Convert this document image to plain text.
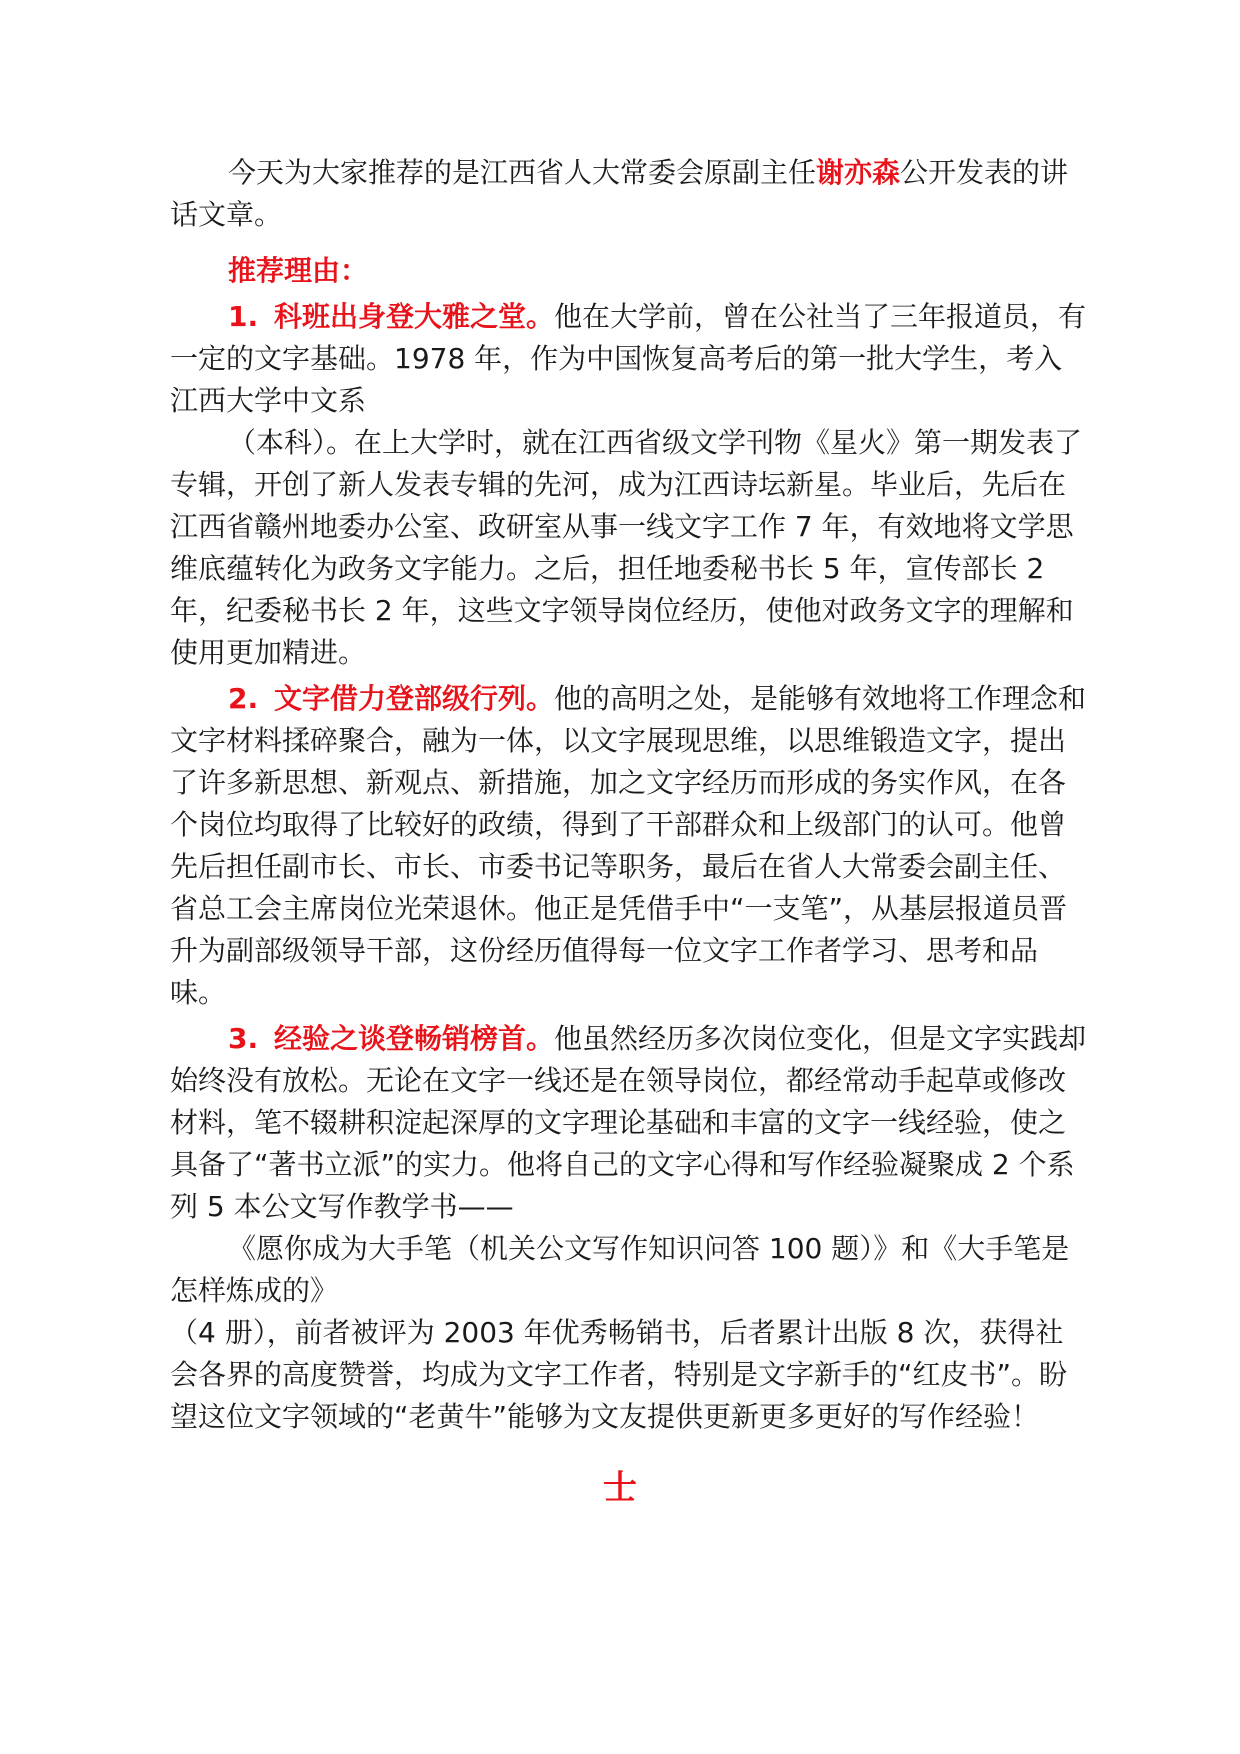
今天为大家推荐的是江西省人大常委会原副主任谢亦森公开发表的讲话文章。

推荐理由：

1. 科班出身登大雅之堂。他在大学前，曾在公社当了三年报道员，有一定的文字基础。1978 年，作为中国恢复高考后的第一批大学生，考入江西大学中文系

（本科）。在上大学时，就在江西省级文学刊物《星火》第一期发表了专辑，开创了新人发表专辑的先河，成为江西诗坛新星。毕业后，先后在江西省赣州地委办公室、政研室从事一线文字工作 7 年，有效地将文学思维底蕴转化为政务文字能力。之后，担任地委秘书长 5 年，宣传部长 2 年，纪委秘书长 2 年，这些文字领导岗位经历，使他对政务文字的理解和使用更加精进。

2. 文字借力登部级行列。他的高明之处，是能够有效地将工作理念和文字材料揉碎聚合，融为一体，以文字展现思维，以思维锻造文字，提出了许多新思想、新观点、新措施，加之文字经历而形成的务实作风，在各个岗位均取得了比较好的政绩，得到了干部群众和上级部门的认可。他曾先后担任副市长、市长、市委书记等职务，最后在省人大常委会副主任、省总工会主席岗位光荣退休。他正是凭借手中“一支笔”，从基层报道员晋升为副部级领导干部，这份经历值得每一位文字工作者学习、思考和品味。

3. 经验之谈登畅销榜首。他虽然经历多次岗位变化，但是文字实践却始终没有放松。无论在文字一线还是在领导岗位，都经常动手起草或修改材料，笔不辍耕积淀起深厚的文字理论基础和丰富的文字一线经验，使之具备了“著书立派”的实力。他将自己的文字心得和写作经验凝聚成 2 个系列 5 本公文写作教学书——

《愿你成为大手笔（机关公文写作知识问答 100 题）》和《大手笔是怎样炼成的》

（4 册），前者被评为 2003 年优秀畅销书，后者累计出版 8 次，获得社会各界的高度赞誉，均成为文字工作者，特别是文字新手的“红皮书”。盼望这位文字领域的“老黄牛”能够为文友提供更新更多更好的写作经验！

士
